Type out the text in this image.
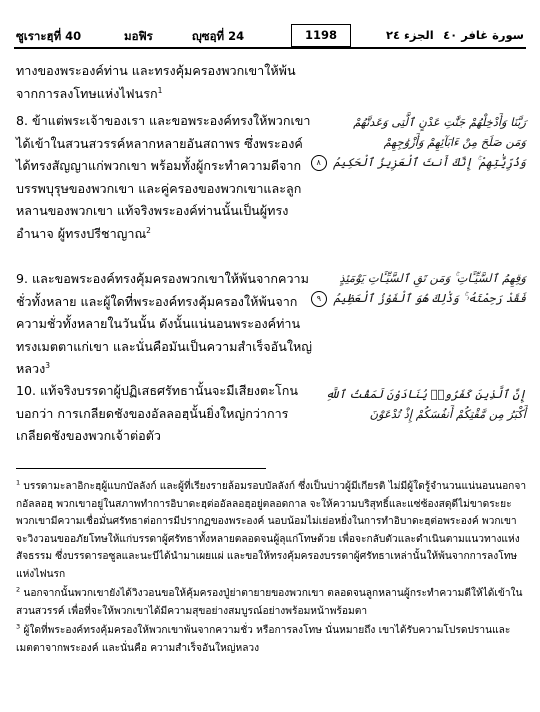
ซูเราะฮฺที่ 40	มอฟิร	ญุซอฺที่ 24	1198	الجزء ٢٤ سورة غافر ٤٠

ทางของพระองค์ท่าน และทรงคุ้มครองพวกเขาให้พ้นจากการลงโทษแห่งไฟนรก$^1$

8. ข้าแต่พระเจ้าของเรา และขอพระองค์ทรงให้พวกเขาได้เข้าในสวนสวรรค์หลากหลายอันสถาพร ซึ่งพระองค์ได้ทรงสัญญาแก่พวกเขา พร้อมทั้งผู้กระทำความดีจากบรรพบุรุษของพวกเขา และคู่ครองของพวกเขาและลูกหลานของพวกเขา แท้จริงพระองค์ท่านนั้นเป็นผู้ทรงอำนาจ ผู้ทรงปรีชาญาณ$^2$

رَبَّنَا وَأَدْخِلْهُمْ جَنَّٰتِ عَدْنٍ ٱلَّتِى وَعَدتَّهُمْ
وَمَن صَلَحَ مِنْ ءَابَآئِهِمْ وَأَزْوَٰجِهِمْ
وَذُرِّيَّٰتِهِمْ ۚ إِنَّكَ أَنتَ ٱلْعَزِيزُ ٱلْحَكِيمُ ٨

9. และขอพระองค์ทรงคุ้มครองพวกเขาให้พ้นจากความชั่วทั้งหลาย และผู้ใดที่พระองค์ทรงคุ้มครองให้พ้นจากความชั่วทั้งหลายในวันนั้น ดังนั้นแน่นอนพระองค์ท่านทรงเมตตาแก่เขา และนั่นคือมันเป็นความสำเร็จอันใหญ่หลวง$^3$

وَقِهِمُ ٱلسَّيِّـَٔاتِ ۚ وَمَن تَقِ ٱلسَّيِّـَٔاتِ يَوْمَئِذٍ
فَقَدْ رَحِمْتَهُۥ ۚ وَذَٰلِكَ هُوَ ٱلْفَوْزُ ٱلْعَظِيمُ ٩

10. แท้จริงบรรดาผู้ปฏิเสธศรัทธานั้นจะมีเสียงตะโกนบอกว่า การเกลียดชังของอัลลอฮฺนั้นยิ่งใหญ่กว่าการเกลียดชังของพวกเจ้าต่อตัว

إِنَّ ٱلَّذِينَ كَفَرُوا۟ يُنَادَوْنَ لَمَقْتُ ٱللَّهِ
أَكْبَرُ مِن مَّقْتِكُمْ أَنفُسَكُمْ إِذْ تُدْعَوْنَ

$^1$ บรรดามะลาอิกะฮฺผู้แบกบัลลังก์ และผู้ที่เรียงรายล้อมรอบบัลลังก์ ซึ่งเป็นบ่าวผู้มีเกียรติ ไม่มีผู้ใดรู้จำนวนแน่นอนนอกจากอัลลอฮฺ พวกเขาอยู่ในสภาพทำการอิบาดะฮฺต่ออัลลอฮฺอยู่ตลอดกาล จะให้ความบริสุทธิ์และแซ่ซ้องสดุดีไม่ขาดระยะ พวกเขามีความเชื่อมั่นศรัทธาต่อการมีปรากฏของพระองค์ นอบน้อมไม่เย่อหยิ่งในการทำอิบาดะฮฺต่อพระองค์ พวกเขาจะวิงวอนขออภัยโทษให้แก่บรรดาผู้ศรัทธาทั้งหลายตลอดจนผู้ลุแก่โทษด้วย เพื่อจะกลับตัวและดำเนินตามแนวทางแห่งสัจธรรม ซึ่งบรรดารอซูลและนะบีได้นำมาเผยแผ่ และขอให้ทรงคุ้มครองบรรดาผู้ศรัทธาเหล่านั้นให้พ้นจากการลงโทษแห่งไฟนรก

$^2$ นอกจากนั้นพวกเขายังได้วิงวอนขอให้คุ้มครองปู่ย่าตายายของพวกเขา ตลอดจนลูกหลานผู้กระทำความดีให้ได้เข้าในสวนสวรรค์ เพื่อที่จะให้พวกเขาได้มีความสุขอย่างสมบูรณ์อย่างพร้อมหน้าพร้อมตา

$^3$ ผู้ใดที่พระองค์ทรงคุ้มครองให้พวกเขาพ้นจากความชั่ว หรือการลงโทษ นั่นหมายถึง เขาได้รับความโปรดปรานและเมตตาจากพระองค์ และนั่นคือ ความสำเร็จอันใหญ่หลวง
